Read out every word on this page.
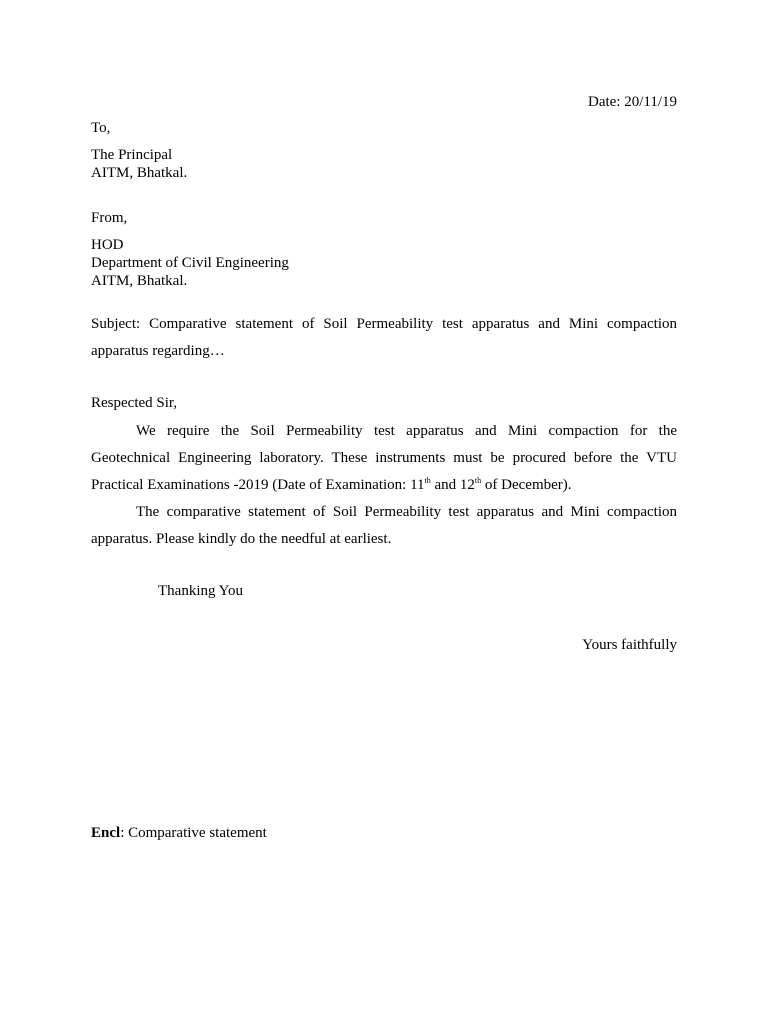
Date: 20/11/19
To,
The Principal
AITM, Bhatkal.
From,
HOD
Department of Civil Engineering
AITM, Bhatkal.
Subject: Comparative statement of Soil Permeability test apparatus and Mini compaction
apparatus regarding…
Respected Sir,
We require the Soil Permeability test apparatus and Mini compaction for the
Geotechnical Engineering laboratory. These instruments must be procured before the VTU
Practical Examinations -2019 (Date of Examination: 11th and 12th of December).
The comparative statement of Soil Permeability test apparatus and Mini compaction
apparatus. Please kindly do the needful at earliest.
Thanking You
Yours faithfully
Encl: Comparative statement
